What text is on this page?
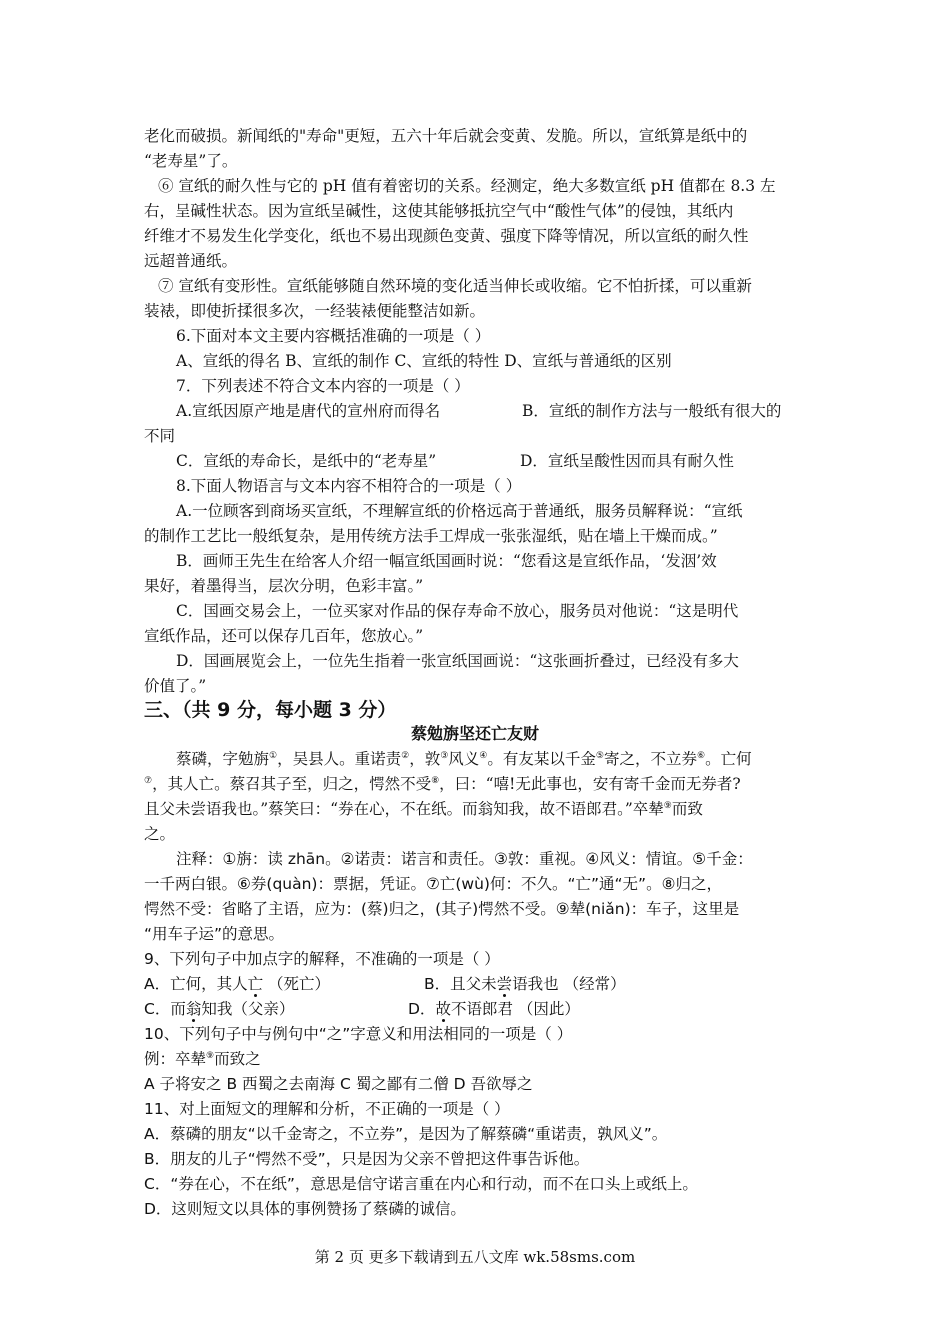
老化而破损。新闻纸的"寿命"更短，五六十年后就会变黄、发脆。所以，宣纸算是纸中的
“老寿星”了。
⑥ 宣纸的耐久性与它的 pH 值有着密切的关系。经测定，绝大多数宣纸 pH 值都在 8.3 左
右，呈碱性状态。因为宣纸呈碱性，这使其能够抵抗空气中“酸性气体”的侵蚀，其纸内
纤维才不易发生化学变化，纸也不易出现颜色变黄、强度下降等情况，所以宣纸的耐久性
远超普通纸。
⑦ 宣纸有变形性。宣纸能够随自然环境的变化适当伸长或收缩。它不怕折揉，可以重新
装裱，即使折揉很多次，一经装裱便能整洁如新。
6.下面对本文主要内容概括准确的一项是（ ）
A、宣纸的得名 B、宣纸的制作 C、宣纸的特性 D、宣纸与普通纸的区别
7．下列表述不符合文本内容的一项是（ ）
A.宣纸因原产地是唐代的宣州府而得名	B．宣纸的制作方法与一般纸有很大的
不同
C．宣纸的寿命长，是纸中的“老寿星”	D．宣纸呈酸性因而具有耐久性
8.下面人物语言与文本内容不相符合的一项是（ ）
A.一位顾客到商场买宣纸，不理解宣纸的价格远高于普通纸，服务员解释说：“宣纸
的制作工艺比一般纸复杂，是用传统方法手工焊成一张张湿纸，贴在墙上干燥而成。”
B．画师王先生在给客人介绍一幅宣纸国画时说：“您看这是宣纸作品，‘发洇’效
果好，着墨得当，层次分明，色彩丰富。”
C．国画交易会上，一位买家对作品的保存寿命不放心，服务员对他说：“这是明代
宣纸作品，还可以保存几百年，您放心。”
D．国画展览会上，一位先生指着一张宣纸国画说：“这张画折叠过，已经没有多大
价值了。”
三、（共 9 分，每小题 3 分）
蔡勉旃坚还亡友财
蔡磷，字勉旃①，吴县人。重诺责②，敦③风义④。有友某以千金⑤寄之，不立券⑥。亡何
⑦，其人亡。蔡召其子至，归之，愕然不受⑧，曰：“嘻!无此事也，安有寄千金而无券者?
且父未尝语我也。”蔡笑曰：“券在心，不在纸。而翁知我，故不语郎君。”卒辇⑨而致
之。
注释：①旃：读 zhān。②诺责：诺言和责任。③敦：重视。④风义：情谊。⑤千金：
一千两白银。⑥券(quàn)：票据，凭证。⑦亡(wù)何：不久。“亡”通“无”。⑧归之，
愕然不受：省略了主语，应为：(蔡)归之，(其子)愕然不受。⑨辇(niǎn)：车子，这里是
“用车子运”的意思。
9、下列句子中加点字的解释，不准确的一项是（ ）
A．亡何，其人亡 （死亡）	B．且父未尝语我也 （经常）
C．而翁知我（父亲）	D．故不语郎君 （因此）
10、下列句子中与例句中“之”字意义和用法相同的一项是（ ）
例：卒辇⑨而致之
A 子将安之 B 西蜀之去南海 C 蜀之鄙有二僧 D 吾欲辱之
11、对上面短文的理解和分析，不正确的一项是（ ）
A．蔡磷的朋友“以千金寄之，不立券”，是因为了解蔡磷“重诺责，孰风义”。
B．朋友的儿子“愕然不受”，只是因为父亲不曾把这件事告诉他。
C．“券在心，不在纸”，意思是信守诺言重在内心和行动，而不在口头上或纸上。
D．这则短文以具体的事例赞扬了蔡磷的诚信。
第 2 页 更多下载请到五八文库 wk.58sms.com
